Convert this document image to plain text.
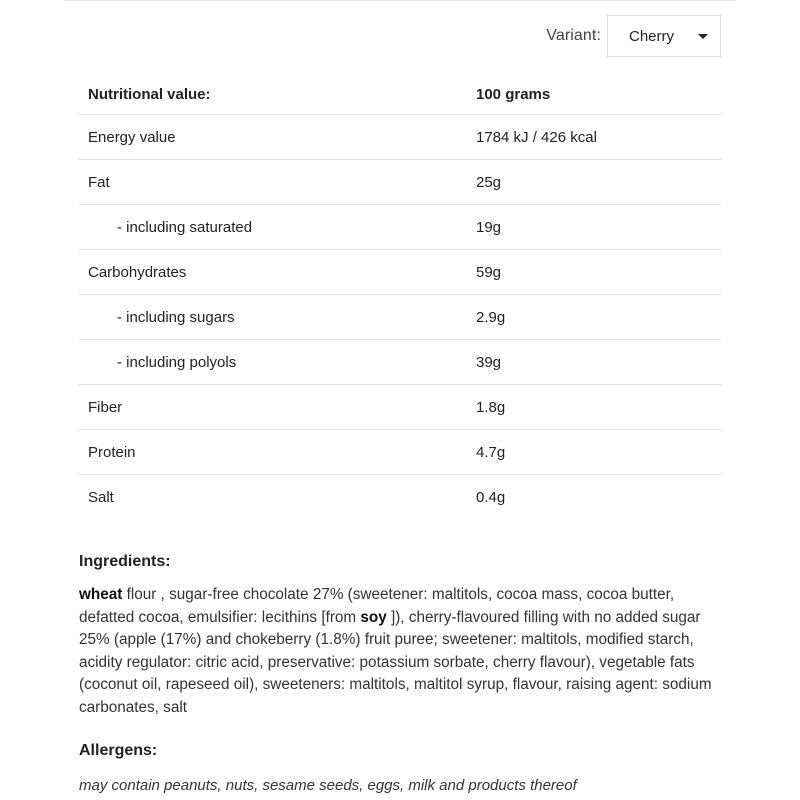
Variant: Cherry
Nutritional value:	100 grams
Energy value	1784 kJ / 426 kcal
Fat	25g
- including saturated	19g
Carbohydrates	59g
- including sugars	2.9g
- including polyols	39g
Fiber	1.8g
Protein	4.7g
Salt	0.4g
Ingredients:
wheat flour , sugar-free chocolate 27% (sweetener: maltitols, cocoa mass, cocoa butter, defatted cocoa, emulsifier: lecithins [from soy ]), cherry-flavoured filling with no added sugar 25% (apple (17%) and chokeberry (1.8%) fruit puree; sweetener: maltitols, modified starch, acidity regulator: citric acid, preservative: potassium sorbate, cherry flavour), vegetable fats (coconut oil, rapeseed oil), sweeteners: maltitols, maltitol syrup, flavour, raising agent: sodium carbonates, salt
Allergens:
may contain peanuts, nuts, sesame seeds, eggs, milk and products thereof
